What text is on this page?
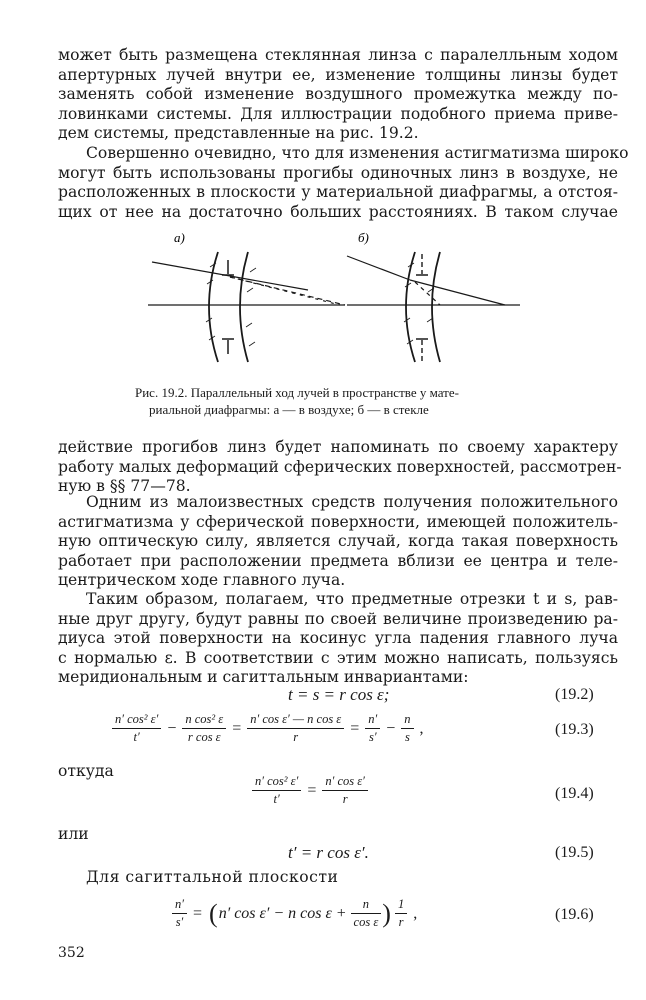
может быть размещена стеклянная линза с паралелльным ходом
апертурных лучей внутри ее, изменение толщины линзы будет
заменять собой изменение воздушного промежутка между по-
ловинками системы. Для иллюстрации подобного приема приве-
дем системы, представленные на рис. 19.2.
Совершенно очевидно, что для изменения астигматизма широко
могут быть использованы прогибы одиночных линз в воздухе, не
расположенных в плоскости у материальной диафрагмы, а отстоя-
щих от нее на достаточно больших расстояниях. В таком случае
а)	б)
Рис. 19.2. Параллельный ход лучей в пространстве у мате-
риальной диафрагмы: а — в воздухе; б — в стекле
действие прогибов линз будет напоминать по своему характеру
работу малых деформаций сферических поверхностей, рассмотрен-
ную в §§ 77—78.
Одним из малоизвестных средств получения положительного
астигматизма у сферической поверхности, имеющей положитель-
ную оптическую силу, является случай, когда такая поверхность
работает при расположении предмета вблизи ее центра и теле-
центрическом ходе главного луча.
Таким образом, полагаем, что предметные отрезки t и s, рав-
ные друг другу, будут равны по своей величине произведению ра-
диуса этой поверхности на косинус угла падения главного луча
с нормалью ε. В соответствии с этим можно написать, пользуясь
меридиональным и сагиттальным инвариантами:
t = s = r cos ε;	(19.2)
$\frac{\text{n′ cos² ε′}}{t'} - \frac{\text{n cos² ε}}{\text{r cos ε}} = \frac{\text{n′ cos ε′ — n cos ε}}{r} = \frac{n'}{s'} - \frac{n}{s}$ ,	(19.3)
откуда
$\frac{\text{n′ cos² ε′}}{t'} = \frac{\text{n′ cos ε′}}{r}$	(19.4)
или
t′ = r cos ε′.	(19.5)
Для сагиттальной плоскости
$\frac{n'}{s'} = (n'$ cos ε′ − n $\cos \varepsilon + \frac{n}{\text{cos ε}}$ ) $\frac{1}{r}$ ,	(19.6)
352
